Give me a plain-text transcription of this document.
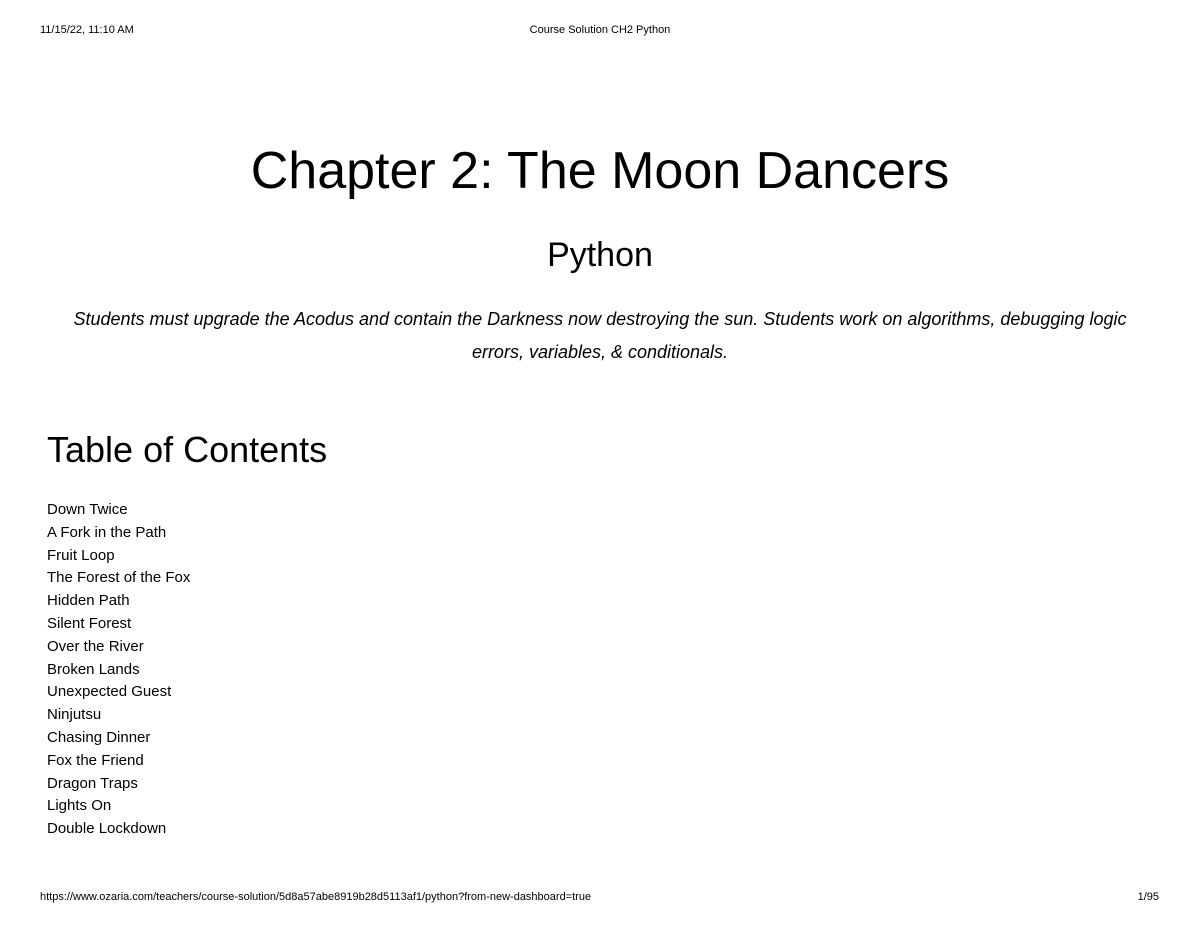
11/15/22, 11:10 AM	Course Solution CH2 Python
Chapter 2: The Moon Dancers
Python

Students must upgrade the Acodus and contain the Darkness now destroying the sun. Students work on algorithms, debugging logic errors, variables, & conditionals.

Table of Contents
Down Twice
A Fork in the Path
Fruit Loop
The Forest of the Fox
Hidden Path
Silent Forest
Over the River
Broken Lands
Unexpected Guest
Ninjutsu
Chasing Dinner
Fox the Friend
Dragon Traps
Lights On
Double Lockdown
https://www.ozaria.com/teachers/course-solution/5d8a57abe8919b28d5113af1/python?from-new-dashboard=true	1/95
